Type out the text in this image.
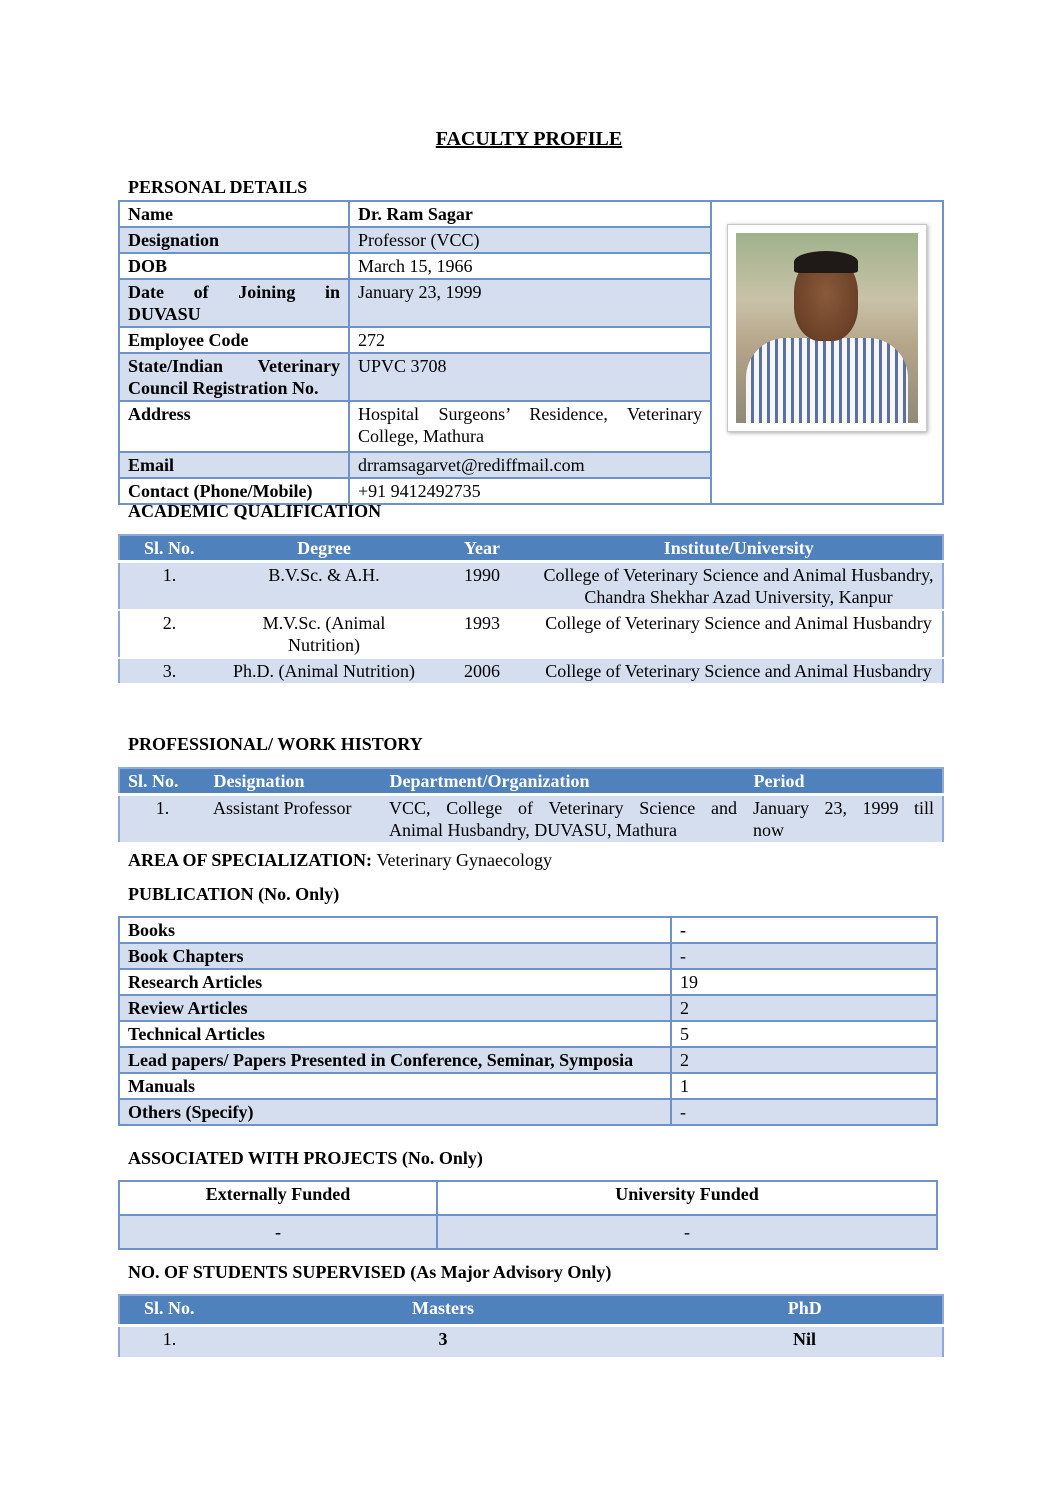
FACULTY PROFILE
PERSONAL DETAILS
Name	Dr. Ram Sagar	

Designation	Professor (VCC)	
DOB	March 15, 1966	
Date of Joining in DUVASU	January 23, 1999	
Employee Code	272	
State/Indian Veterinary Council Registration No.	UPVC 3708	
Address	Hospital Surgeons’ Residence, Veterinary College, Mathura	
Email	drramsagarvet@rediffmail.com	
Contact (Phone/Mobile)	+91 9412492735	
ACADEMIC QUALIFICATION
Sl. No.	Degree	Year	Institute/University
1.	B.V.Sc. & A.H.	1990	College of Veterinary Science and Animal Husbandry, Chandra Shekhar Azad University, Kanpur
2.	M.V.Sc. (Animal Nutrition)	1993	College of Veterinary Science and Animal Husbandry
3.	Ph.D. (Animal Nutrition)	2006	College of Veterinary Science and Animal Husbandry
PROFESSIONAL/ WORK HISTORY
Sl. No.	Designation	Department/Organization	Period
1.	Assistant Professor	VCC, College of Veterinary Science and Animal Husbandry, DUVASU, Mathura	January 23, 1999 till now
AREA OF SPECIALIZATION: Veterinary Gynaecology
PUBLICATION (No. Only)
Books	-
Book Chapters	-
Research Articles	19
Review Articles	2
Technical Articles	5
Lead papers/ Papers Presented in Conference, Seminar, Symposia	2
Manuals	1
Others (Specify)	-
ASSOCIATED WITH PROJECTS (No. Only)
Externally Funded	University Funded
-	-
NO. OF STUDENTS SUPERVISED (As Major Advisory Only)
Sl. No.	Masters	PhD
1.	3	Nil
